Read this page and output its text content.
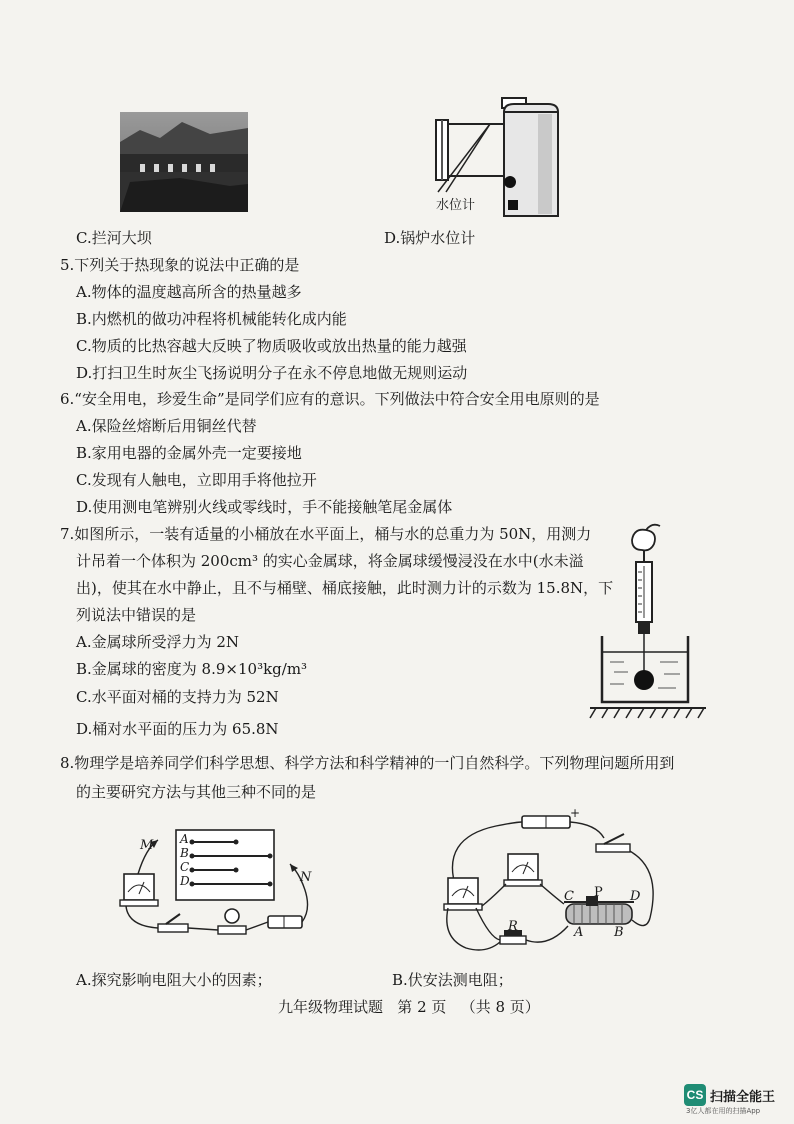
水位计
C.拦河大坝	D.锅炉水位计
5.下列关于热现象的说法中正确的是
A.物体的温度越高所含的热量越多
B.内燃机的做功冲程将机械能转化成内能
C.物质的比热容越大反映了物质吸收或放出热量的能力越强
D.打扫卫生时灰尘飞扬说明分子在永不停息地做无规则运动
6.“安全用电，珍爱生命”是同学们应有的意识。下列做法中符合安全用电原则的是
A.保险丝熔断后用铜丝代替
B.家用电器的金属外壳一定要接地
C.发现有人触电，立即用手将他拉开
D.使用测电笔辨别火线或零线时，手不能接触笔尾金属体
7.如图所示，一装有适量的小桶放在水平面上，桶与水的总重力为 50N，用测力
计吊着一个体积为 200cm³ 的实心金属球，将金属球缓慢浸没在水中(水未溢
出)，使其在水中静止，且不与桶壁、桶底接触，此时测力计的示数为 15.8N，下
列说法中错误的是
A.金属球所受浮力为 2N
B.金属球的密度为 8.9×10³kg/m³
C.水平面对桶的支持力为 52N
D.桶对水平面的压力为 65.8N
8.物理学是培养同学们科学思想、科学方法和科学精神的一门自然科学。下列物理问题所用到
的主要研究方法与其他三种不同的是
M
N
A
B
C
D
+
C P D
A B
R
A.探究影响电阻大小的因素；	B.伏安法测电阻；
九年级物理试题   第 2 页   （共 8 页）
CS 扫描全能王
3亿人都在用的扫描App
